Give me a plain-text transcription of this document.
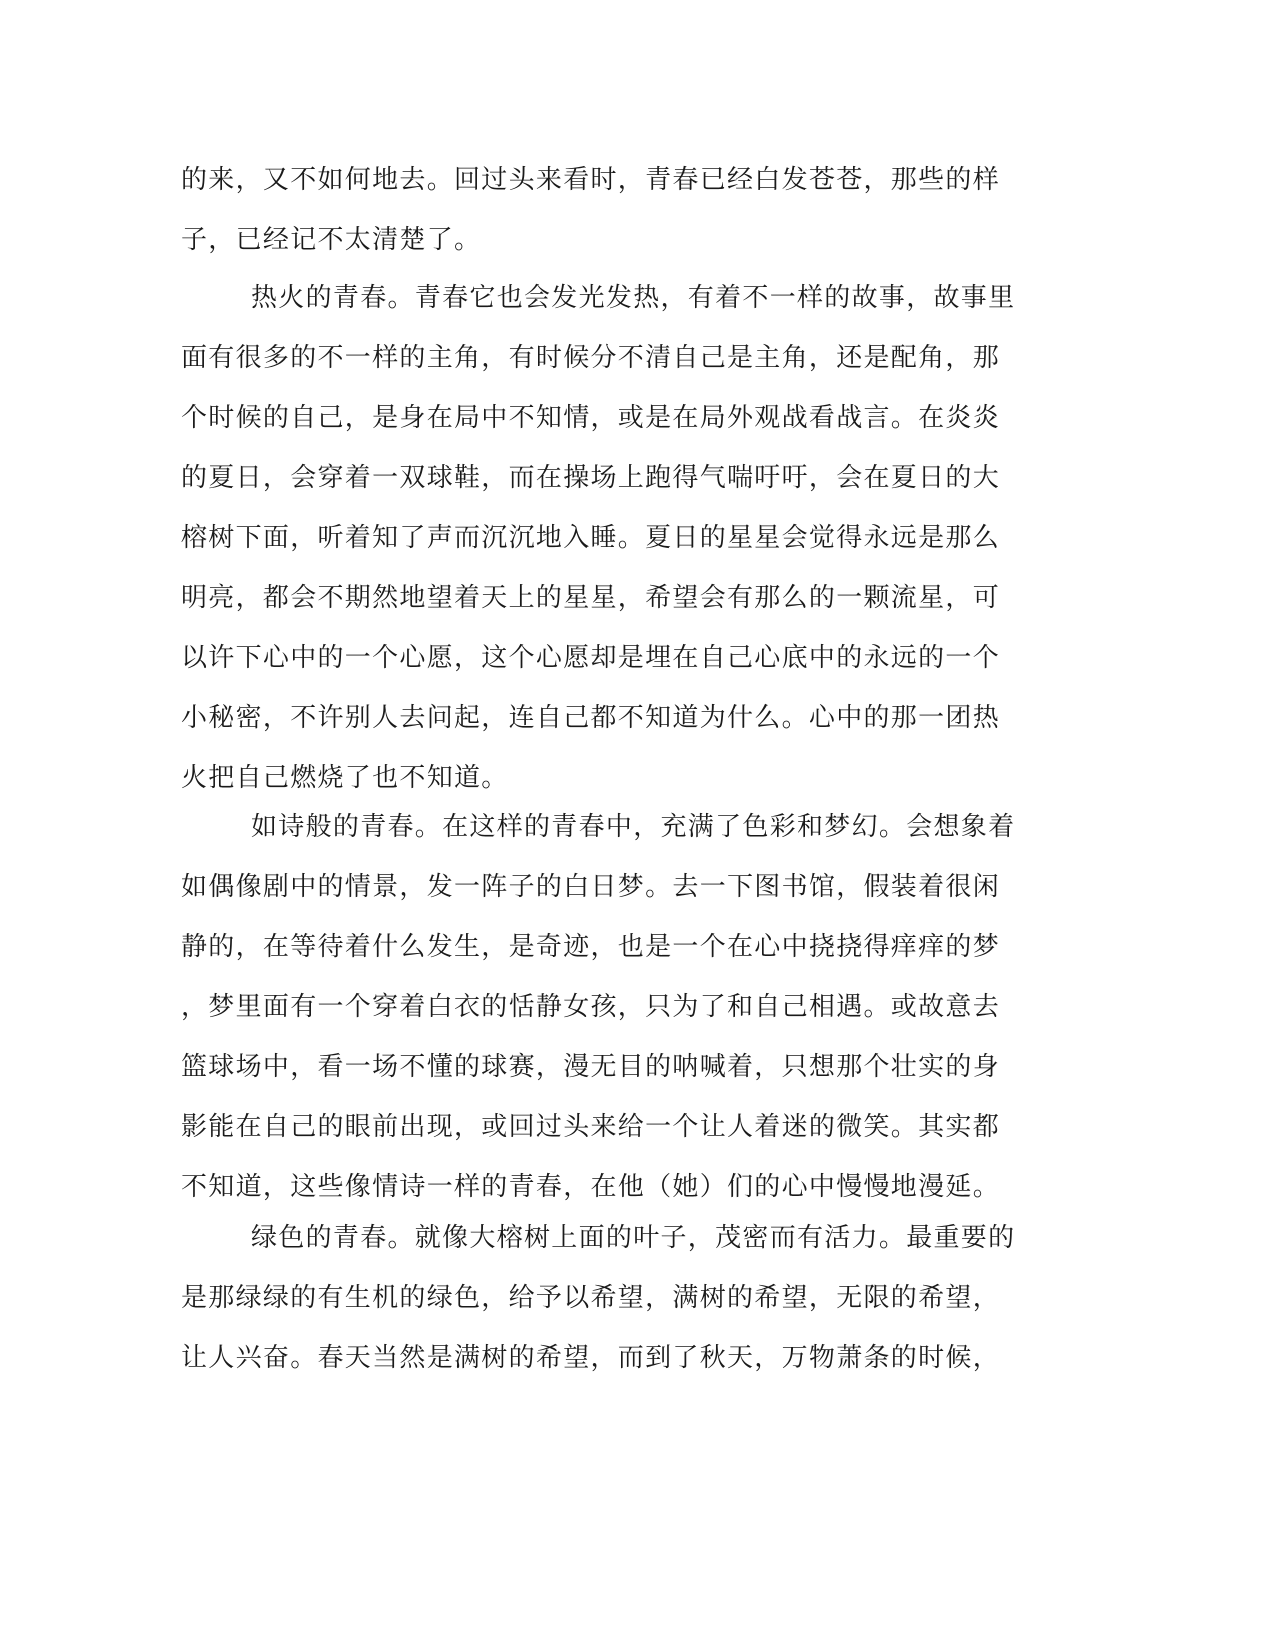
的来，又不如何地去。回过头来看时，青春已经白发苍苍，那些的样
子，已经记不太清楚了。
热火的青春。青春它也会发光发热，有着不一样的故事，故事里
面有很多的不一样的主角，有时候分不清自己是主角，还是配角，那
个时候的自己，是身在局中不知情，或是在局外观战看战言。在炎炎
的夏日，会穿着一双球鞋，而在操场上跑得气喘吁吁，会在夏日的大
榕树下面，听着知了声而沉沉地入睡。夏日的星星会觉得永远是那么
明亮，都会不期然地望着天上的星星，希望会有那么的一颗流星，可
以许下心中的一个心愿，这个心愿却是埋在自己心底中的永远的一个
小秘密，不许别人去问起，连自己都不知道为什么。心中的那一团热
火把自己燃烧了也不知道。
如诗般的青春。在这样的青春中，充满了色彩和梦幻。会想象着
如偶像剧中的情景，发一阵子的白日梦。去一下图书馆，假装着很闲
静的，在等待着什么发生，是奇迹，也是一个在心中挠挠得痒痒的梦
，梦里面有一个穿着白衣的恬静女孩，只为了和自己相遇。或故意去
篮球场中，看一场不懂的球赛，漫无目的呐喊着，只想那个壮实的身
影能在自己的眼前出现，或回过头来给一个让人着迷的微笑。其实都
不知道，这些像情诗一样的青春，在他（她）们的心中慢慢地漫延。
绿色的青春。就像大榕树上面的叶子，茂密而有活力。最重要的
是那绿绿的有生机的绿色，给予以希望，满树的希望，无限的希望，
让人兴奋。春天当然是满树的希望，而到了秋天，万物萧条的时候，
